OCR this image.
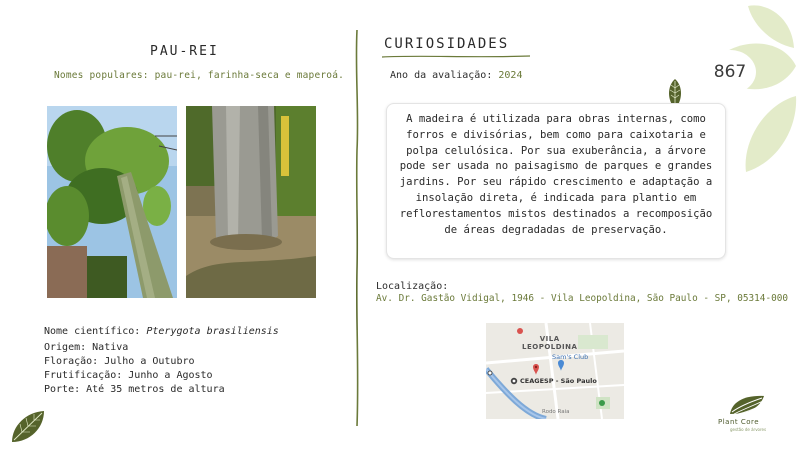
867
PAU-REI
Nomes populares: pau-rei, farinha-seca e maperoá.
Nome científico: Pterygota brasiliensis
Origem: Nativa
Floração: Julho a Outubro
Frutificação: Junho a Agosto
Porte: Até 35 metros de altura
CURIOSIDADES
Ano da avaliação: 2024
A madeira é utilizada para obras internas, como forros e divisórias, bem como para caixotaria e polpa celulósica. Por sua exuberância, a árvore pode ser usada no paisagismo de parques e grandes jardins. Por seu rápido crescimento e adaptação a insolação direta, é indicada para plantio em reflorestamentos mistos destinados a recomposição de áreas degradadas de preservação.
Localização:
Av. Dr. Gastão Vidigal, 1946 - Vila Leopoldina, São Paulo - SP, 05314-000
VILA
LEOPOLDINA
Sam's Club
CEAGESP - São Paulo
Rodo Raia
Plant Core
gestão de árvores
